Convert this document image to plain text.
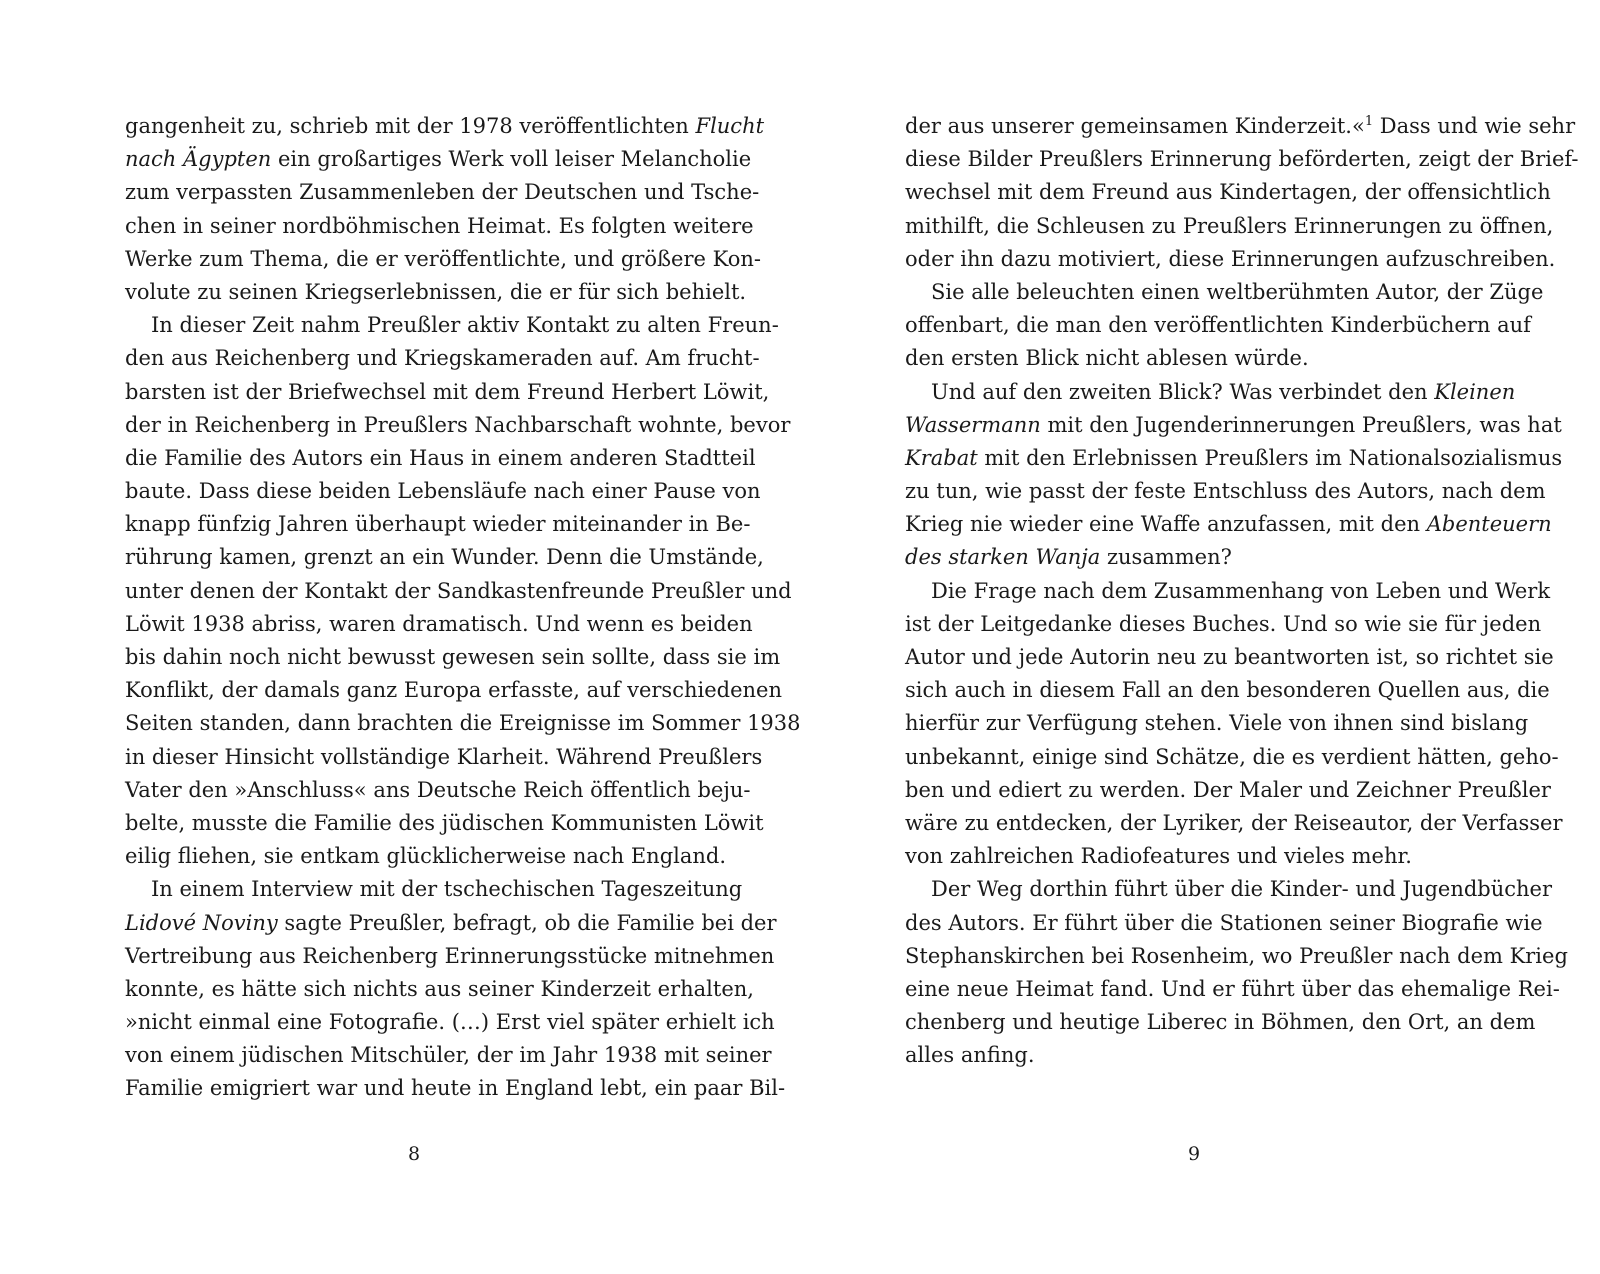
gangenheit zu, schrieb mit der 1978 veröffentlichten Flucht
nach Ägypten ein großartiges Werk voll leiser Melancholie
zum verpassten Zusammenleben der Deutschen und Tsche-
chen in seiner nordböhmischen Heimat. Es folgten weitere
Werke zum Thema, die er veröffentlichte, und größere Kon-
volute zu seinen Kriegserlebnissen, die er für sich behielt.
In dieser Zeit nahm Preußler aktiv Kontakt zu alten Freun-
den aus Reichenberg und Kriegskameraden auf. Am frucht-
barsten ist der Briefwechsel mit dem Freund Herbert Löwit,
der in Reichenberg in Preußlers Nachbarschaft wohnte, bevor
die Familie des Autors ein Haus in einem anderen Stadtteil
baute. Dass diese beiden Lebensläufe nach einer Pause von
knapp fünfzig Jahren überhaupt wieder miteinander in Be-
rührung kamen, grenzt an ein Wunder. Denn die Umstände,
unter denen der Kontakt der Sandkastenfreunde Preußler und
Löwit 1938 abriss, waren dramatisch. Und wenn es beiden
bis dahin noch nicht bewusst gewesen sein sollte, dass sie im
Konflikt, der damals ganz Europa erfasste, auf verschiedenen
Seiten standen, dann brachten die Ereignisse im Sommer 1938
in dieser Hinsicht vollständige Klarheit. Während Preußlers
Vater den »Anschluss« ans Deutsche Reich öffentlich beju-
belte, musste die Familie des jüdischen Kommunisten Löwit
eilig fliehen, sie entkam glücklicherweise nach England.
In einem Interview mit der tschechischen Tageszeitung
Lidové Noviny sagte Preußler, befragt, ob die Familie bei der
Vertreibung aus Reichenberg Erinnerungsstücke mitnehmen
konnte, es hätte sich nichts aus seiner Kinderzeit erhalten,
»nicht einmal eine Fotografie. (…) Erst viel später erhielt ich
von einem jüdischen Mitschüler, der im Jahr 1938 mit seiner
Familie emigriert war und heute in England lebt, ein paar Bil-
8
der aus unserer gemeinsamen Kinderzeit.«$^1$ Dass und wie sehr
diese Bilder Preußlers Erinnerung beförderten, zeigt der Brief-
wechsel mit dem Freund aus Kindertagen, der offensichtlich
mithilft, die Schleusen zu Preußlers Erinnerungen zu öffnen,
oder ihn dazu motiviert, diese Erinnerungen aufzuschreiben.
Sie alle beleuchten einen weltberühmten Autor, der Züge
offenbart, die man den veröffentlichten Kinderbüchern auf
den ersten Blick nicht ablesen würde.
Und auf den zweiten Blick? Was verbindet den Kleinen
Wassermann mit den Jugenderinnerungen Preußlers, was hat
Krabat mit den Erlebnissen Preußlers im Nationalsozialismus
zu tun, wie passt der feste Entschluss des Autors, nach dem
Krieg nie wieder eine Waffe anzufassen, mit den Abenteuern
des starken Wanja zusammen?
Die Frage nach dem Zusammenhang von Leben und Werk
ist der Leitgedanke dieses Buches. Und so wie sie für jeden
Autor und jede Autorin neu zu beantworten ist, so richtet sie
sich auch in diesem Fall an den besonderen Quellen aus, die
hierfür zur Verfügung stehen. Viele von ihnen sind bislang
unbekannt, einige sind Schätze, die es verdient hätten, geho-
ben und ediert zu werden. Der Maler und Zeichner Preußler
wäre zu entdecken, der Lyriker, der Reiseautor, der Verfasser
von zahlreichen Radiofeatures und vieles mehr.
Der Weg dorthin führt über die Kinder- und Jugendbücher
des Autors. Er führt über die Stationen seiner Biografie wie
Stephanskirchen bei Rosenheim, wo Preußler nach dem Krieg
eine neue Heimat fand. Und er führt über das ehemalige Rei-
chenberg und heutige Liberec in Böhmen, den Ort, an dem
alles anfing.
9
